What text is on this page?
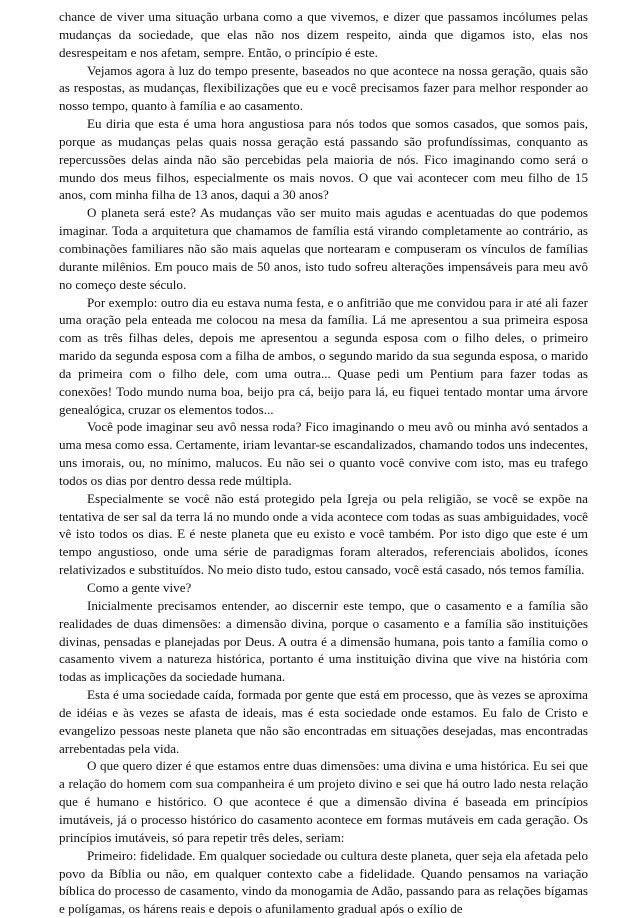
chance de viver uma situação urbana como a que vivemos, e dizer que passamos incólumes pelas mudanças da sociedade, que elas não nos dizem respeito, ainda que digamos isto, elas nos desrespeitam e nos afetam, sempre. Então, o princípio é este.

Vejamos agora à luz do tempo presente, baseados no que acontece na nossa geração, quais são as respostas, as mudanças, flexibilizações que eu e você precisamos fazer para melhor responder ao nosso tempo, quanto à família e ao casamento.

Eu diria que esta é uma hora angustiosa para nós todos que somos casados, que somos pais, porque as mudanças pelas quais nossa geração está passando são profundíssimas, conquanto as repercussões delas ainda não são percebidas pela maioria de nós. Fico imaginando como será o mundo dos meus filhos, especialmente os mais novos. O que vai acontecer com meu filho de 15 anos, com minha filha de 13 anos, daqui a 30 anos?

O planeta será este? As mudanças vão ser muito mais agudas e acentuadas do que podemos imaginar. Toda a arquitetura que chamamos de família está virando completamente ao contrário, as combinações familiares não são mais aquelas que nortearam e compuseram os vínculos de famílias durante milênios. Em pouco mais de 50 anos, isto tudo sofreu alterações impensáveis para meu avô no começo deste século.

Por exemplo: outro dia eu estava numa festa, e o anfitrião que me convidou para ir até ali fazer uma oração pela enteada me colocou na mesa da família. Lá me apresentou a sua primeira esposa com as três filhas deles, depois me apresentou a segunda esposa com o filho deles, o primeiro marido da segunda esposa com a filha de ambos, o segundo marido da sua segunda esposa, o marido da primeira com o filho dele, com uma outra... Quase pedi um Pentium para fazer todas as conexões! Todo mundo numa boa, beijo pra cá, beijo para lá, eu fiquei tentado montar uma árvore genealógica, cruzar os elementos todos...

Você pode imaginar seu avô nessa roda? Fico imaginando o meu avô ou minha avó sentados a uma mesa como essa. Certamente, iriam levantar-se escandalizados, chamando todos uns indecentes, uns imorais, ou, no mínimo, malucos. Eu não sei o quanto você convive com isto, mas eu trafego todos os dias por dentro dessa rede múltipla.

Especialmente se você não está protegido pela Igreja ou pela religião, se você se expõe na tentativa de ser sal da terra lá no mundo onde a vida acontece com todas as suas ambiguidades, você vê isto todos os dias. E é neste planeta que eu existo e você também. Por isto digo que este é um tempo angustioso, onde uma série de paradigmas foram alterados, referenciais abolidos, ícones relativizados e substituídos. No meio disto tudo, estou cansado, você está casado, nós temos família.

Como a gente vive?

Inicialmente precisamos entender, ao discernir este tempo, que o casamento e a família são realidades de duas dimensões: a dimensão divina, porque o casamento e a família são instituições divinas, pensadas e planejadas por Deus. A outra é a dimensão humana, pois tanto a família como o casamento vivem a natureza histórica, portanto é uma instituição divina que vive na história com todas as implicações da sociedade humana.

Esta é uma sociedade caída, formada por gente que está em processo, que às vezes se aproxima de idéias e às vezes se afasta de ideais, mas é esta sociedade onde estamos. Eu falo de Cristo e evangelizo pessoas neste planeta que não são encontradas em situações desejadas, mas encontradas arrebentadas pela vida.

O que quero dizer é que estamos entre duas dimensões: uma divina e uma histórica. Eu sei que a relação do homem com sua companheira é um projeto divino e sei que há outro lado nesta relação que é humano e histórico. O que acontece é que a dimensão divina é baseada em princípios imutáveis, já o processo histórico do casamento acontece em formas mutáveis em cada geração. Os princípios imutáveis, só para repetir três deles, seriam:

Primeiro: fidelidade. Em qualquer sociedade ou cultura deste planeta, quer seja ela afetada pelo povo da Bíblia ou não, em qualquer contexto cabe a fidelidade. Quando pensamos na variação bíblica do processo de casamento, vindo da monogamia de Adão, passando para as relações bígamas e polígamas, os hárens reais e depois o afunilamento gradual após o exílio de
